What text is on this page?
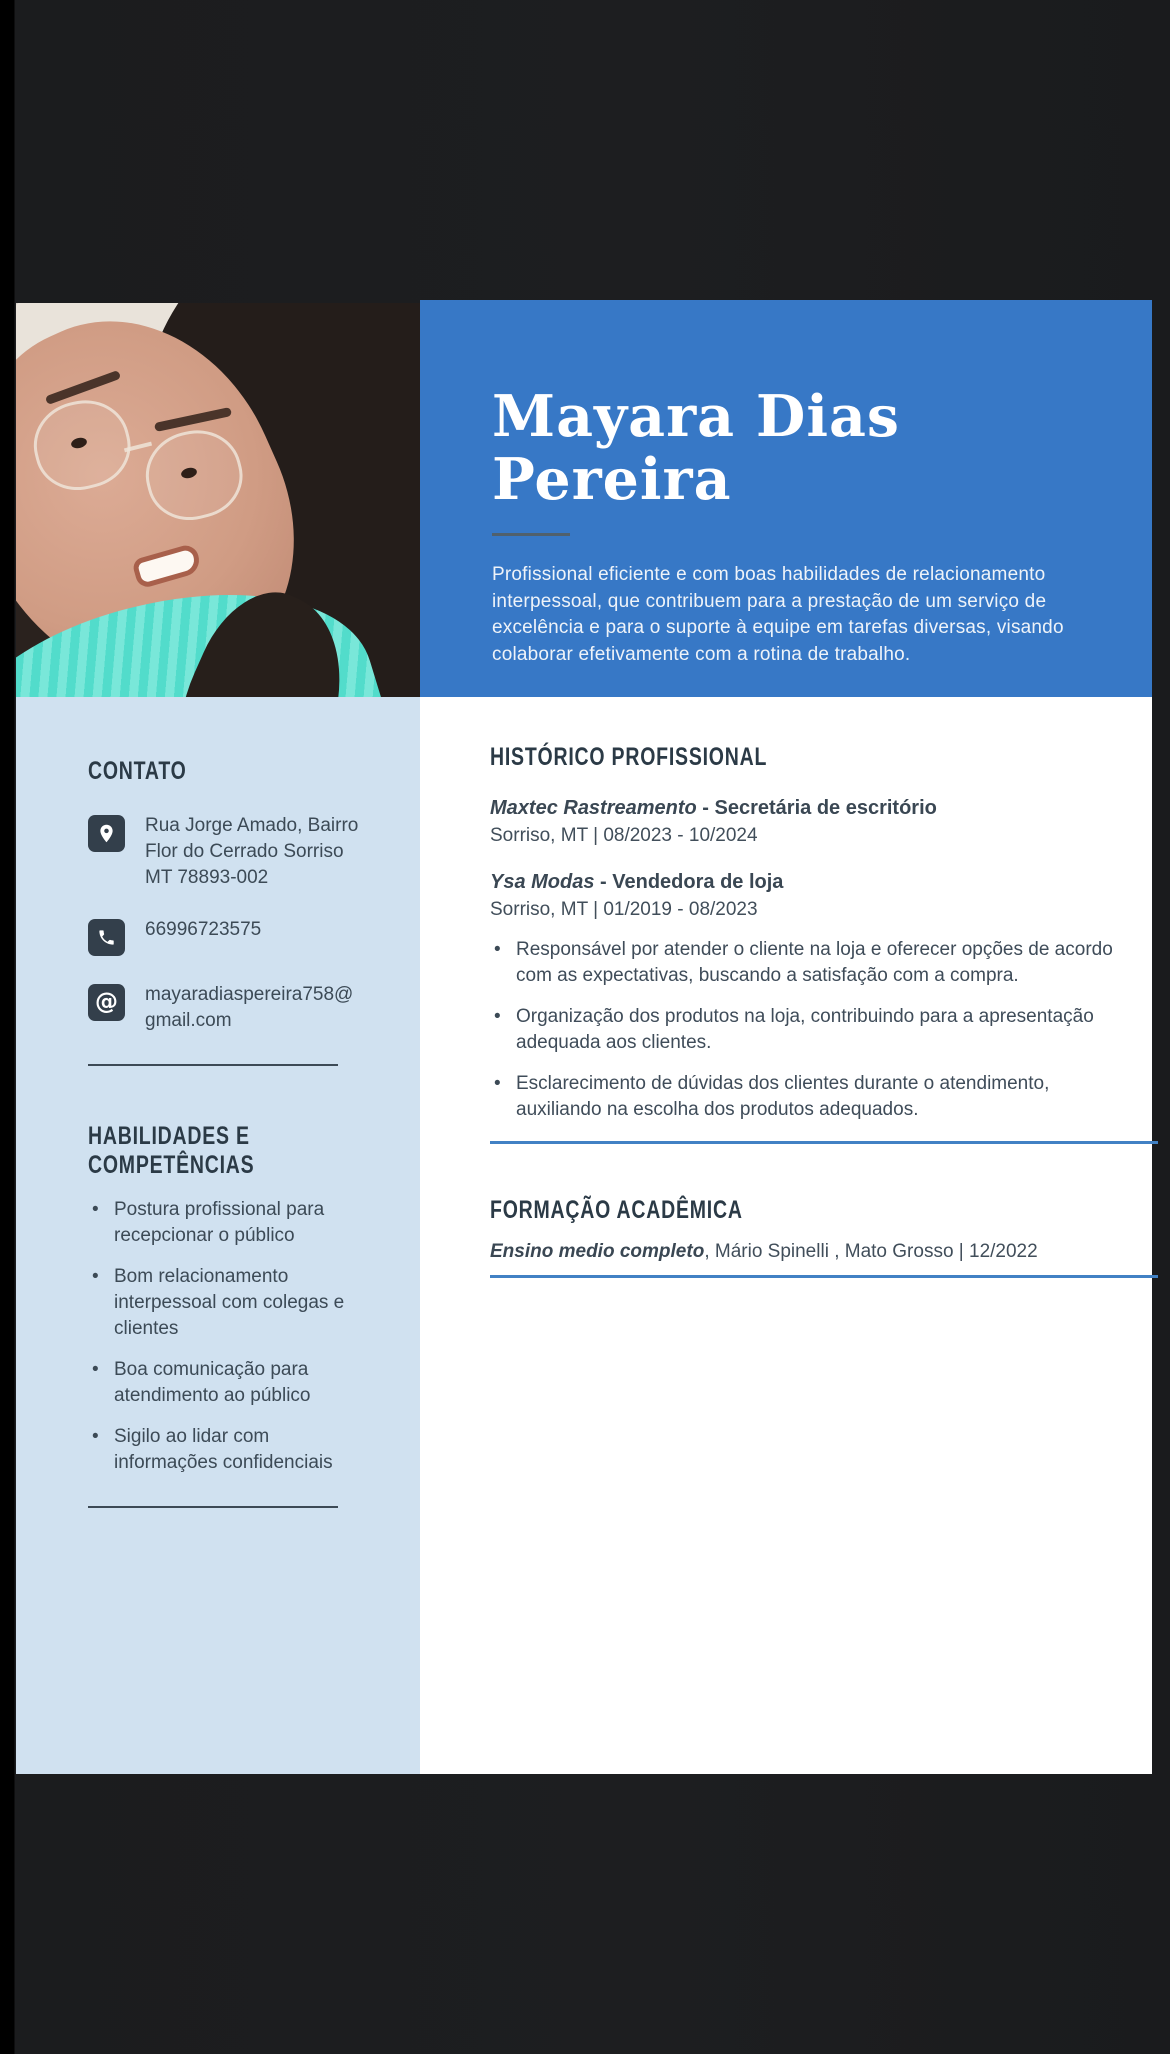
Mayara Dias Pereira

Profissional eficiente e com boas habilidades de relacionamento interpessoal, que contribuem para a prestação de um serviço de excelência e para o suporte à equipe em tarefas diversas, visando colaborar efetivamente com a rotina de trabalho.

CONTATO
Rua Jorge Amado, Bairro Flor do Cerrado Sorriso MT 78893-002
66996723575
@	mayaradiaspereira758@gmail.com
HABILIDADES E COMPETÊNCIAS
• Postura profissional para recepcionar o público
• Bom relacionamento interpessoal com colegas e clientes
• Boa comunicação para atendimento ao público
• Sigilo ao lidar com informações confidenciais
HISTÓRICO PROFISSIONAL
Maxtec Rastreamento - Secretária de escritório
Sorriso, MT | 08/2023 - 10/2024
Ysa Modas - Vendedora de loja
Sorriso, MT | 01/2019 - 08/2023
• Responsável por atender o cliente na loja e oferecer opções de acordo com as expectativas, buscando a satisfação com a compra.
• Organização dos produtos na loja, contribuindo para a apresentação adequada aos clientes.
• Esclarecimento de dúvidas dos clientes durante o atendimento, auxiliando na escolha dos produtos adequados.
FORMAÇÃO ACADÊMICA
Ensino medio completo, Mário Spinelli , Mato Grosso | 12/2022
